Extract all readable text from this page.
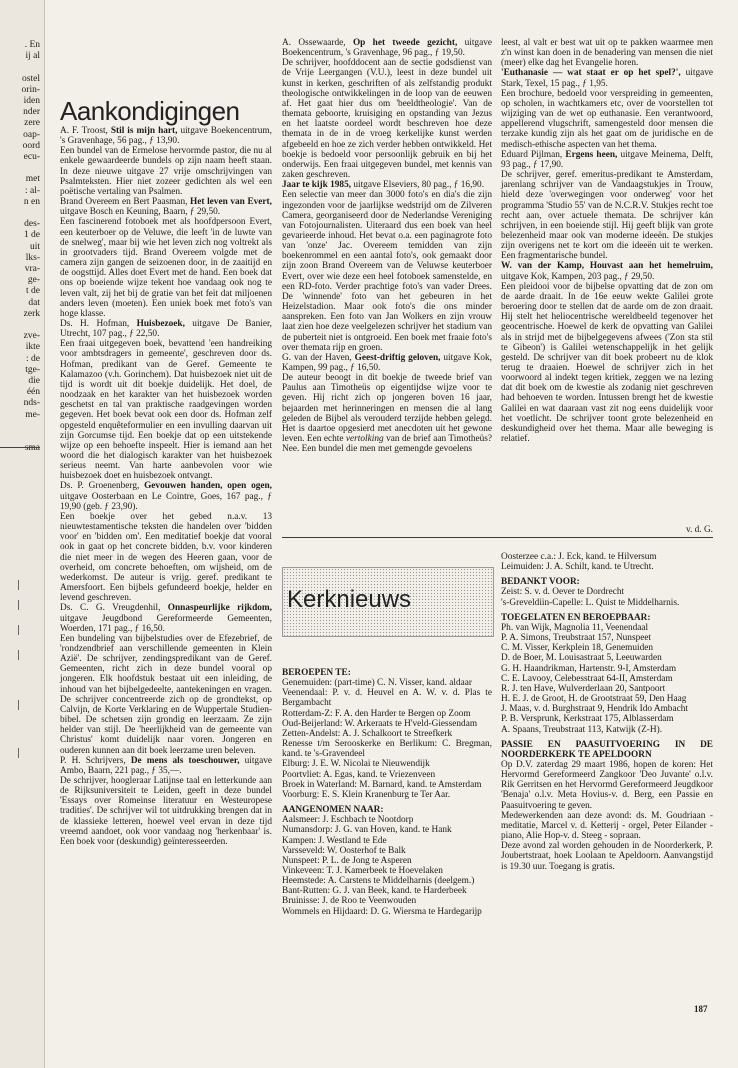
. En
ij al
ostel
orin-
iden
nder
zere
oap-
oord
ecu-
met
: al-
n en
des-
1 de
uit
lks-
vra-
ge-
t de
dat
zerk
zve-
ikte
: de
tge-
die
één
nds-
me-
sma
Aankondigingen

A. F. Troost, Stil is mijn hart, uitgave Boekencentrum, 's Gravenhage, 56 pag., ƒ 13,90.

Een bundel van de Ermelose hervormde pastor, die nu al enkele gewaardeerde bundels op zijn naam heeft staan. In deze nieuwe uitgave 27 vrije omschrijvingen van Psalmteksten. Hier niet zozeer gedichten als wel een poëtische vertaling van Psalmen.

Brand Overeem en Bert Paasman, Het leven van Evert, uitgave Bosch en Keuning, Baarn, ƒ 29,50.

Een fascinerend fotoboek met als hoofdpersoon Evert, een keuterboer op de Veluwe, die leeft 'in de luwte van de snelweg', maar bij wie het leven zich nog voltrekt als in grootvaders tijd. Brand Overeem volgde met de camera zijn gangen de seizoenen door, in de zaaitijd en de oogsttijd. Alles doet Evert met de hand. Een boek dat ons op boeiende wijze tekent hoe vandaag ook nog te leven valt, zij het bij de gratie van het feit dat miljoenen anders leven (moeten). Een uniek boek met foto's van hoge klasse.

Ds. H. Hofman, Huisbezoek, uitgave De Banier, Utrecht, 107 pag., ƒ 22,50.

Een fraai uitgegeven boek, bevattend 'een handreiking voor ambtsdragers in gemeente', geschreven door ds. Hofman, predikant van de Geref. Gemeente te Kalamazoo (v.h. Gorinchem). Dat huisbezoek niet uit de tijd is wordt uit dit boekje duidelijk. Het doel, de noodzaak en het karakter van het huisbezoek worden geschetst en tal van praktische raadgevingen worden gegeven. Het boek bevat ook een door ds. Hofman zelf opgesteld enquêteformulier en een invulling daarvan uit zijn Gorcumse tijd. Een boekje dat op een uitstekende wijze op een behoefte inspeelt. Hier is iemand aan het woord die het dialogisch karakter van het huisbezoek serieus neemt. Van harte aanbevolen voor wie huisbezoek doet en huisbezoek ontvangt.

Ds. P. Groenenberg, Gevouwen handen, open ogen, uitgave Oosterbaan en Le Cointre, Goes, 167 pag., ƒ 19,90 (geb. ƒ 23,90).

Een boekje over het gebed n.a.v. 13 nieuwtestamentische teksten die handelen over 'bidden voor' en 'bidden om'. Een meditatief boekje dat vooral ook in gaat op het concrete bidden, b.v. voor kinderen die niet meer in de wegen des Heeren gaan, voor de overheid, om concrete behoeften, om wijsheid, om de wederkomst. De auteur is vrijg. geref. predikant te Amersfoort. Een bijbels gefundeerd boekje, helder en levend geschreven.

Ds. C. G. Vreugdenhil, Onnaspeurlijke rijkdom, uitgave Jeugdbond Gereformeerde Gemeenten, Woerden, 171 pag., ƒ 16,50.

Een bundeling van bijbelstudies over de Efezebrief, de 'rondzendbrief aan verschillende gemeenten in Klein Azië'. De schrijver, zendingspredikant van de Geref. Gemeenten, richt zich in deze bundel vooral op jongeren. Elk hoofdstuk bestaat uit een inleiding, de inhoud van het bijbelgedeelte, aantekeningen en vragen. De schrijver concentreerde zich op de grondtekst, op Calvijn, de Korte Verklaring en de Wuppertale Studien-bibel. De schetsen zijn grondig en leerzaam. Ze zijn helder van stijl. De 'heerlijkheid van de gemeente van Christus' komt duidelijk naar voren. Jongeren en ouderen kunnen aan dit boek leerzame uren beleven.

P. H. Schrijvers, De mens als toeschouwer, uitgave Ambo, Baarn, 221 pag., ƒ 35,—.

De schrijver, hoogleraar Latijnse taal en letterkunde aan de Rijksuniversiteit te Leiden, geeft in deze bundel 'Essays over Romeinse literatuur en Westeuropese tradities'. De schrijver wil tot uitdrukking brengen dat in de klassieke letteren, hoewel veel ervan in deze tijd vreemd aandoet, ook voor vandaag nog 'herkenbaar' is. Een boek voor (deskundig) geïnteresseerden.

A. Ossewaarde, Op het tweede gezicht, uitgave Boekencentrum, 's Gravenhage, 96 pag., ƒ 19,50.

De schrijver, hoofddocent aan de sectie godsdienst van de Vrije Leergangen (V.U.), leest in deze bundel uit kunst in kerken, geschriften of als zelfstandig produkt theologische ontwikkelingen in de loop van de eeuwen af. Het gaat hier dus om 'beeldtheologie'. Van de themata geboorte, kruisiging en opstanding van Jezus en het laatste oordeel wordt beschreven hoe deze themata in de in de vroeg kerkelijke kunst werden afgebeeld en hoe ze zich verder hebben ontwikkeld. Het boekje is bedoeld voor persoonlijk gebruik en bij het onderwijs. Een fraai uitgegeven bundel, met kennis van zaken geschreven.

Jaar te kijk 1985, uitgave Elseviers, 80 pag., ƒ 16,90.

Een selectie van meer dan 3000 foto's en dia's die zijn ingezonden voor de jaarlijkse wedstrijd om de Zilveren Camera, georganiseerd door de Nederlandse Vereniging van Fotojournalisten. Uiteraard dus een boek van heel gevarieerde inhoud. Het bevat o.a. een paginagrote foto van 'onze' Jac. Overeem temidden van zijn boekenrommel en een aantal foto's, ook gemaakt door zijn zoon Brand Overeem van de Veluwse keuterboer Evert, over wie deze een heel fotoboek samenstelde, en een RD-foto. Verder prachtige foto's van vader Drees. De 'winnende' foto van het gebeuren in het Heizelstadion. Maar ook foto's die ons minder aanspreken. Een foto van Jan Wolkers en zijn vrouw laat zien hoe deze veelgelezen schrijver het stadium van de puberteit niet is ontgroeid. Een boek met fraaie foto's over themata rijp en groen.

G. van der Haven, Geest-driftig geloven, uitgave Kok, Kampen, 99 pag., ƒ 16,50.

De auteur beoogt in dit boekje de tweede brief van Paulus aan Timotheüs op eigentijdse wijze voor te geven. Hij richt zich op jongeren boven 16 jaar, bejaarden met herinneringen en mensen die al lang geleden de Bijbel als verouderd terzijde hebben gelegd. Het is daartoe opgesierd met anecdoten uit het gewone leven. Een echte vertolking van de brief aan Timotheüs? Nee. Een bundel die men met gemengde gevoelens

leest, al valt er best wat uit op te pakken waarmee men z'n winst kan doen in de benadering van mensen die niet (meer) elke dag het Evangelie horen.

'Euthanasie — wat staat er op het spel?', uitgave Stark, Texel, 15 pag., ƒ 1,95.

Een brochure, bedoeld voor verspreiding in gemeenten, op scholen, in wachtkamers etc, over de voorstellen tot wijziging van de wet op euthanasie. Een verantwoord, appellerend vlugschrift, samengesteld door mensen die terzake kundig zijn als het gaat om de juridische en de medisch-ethische aspecten van het thema.

Eduard Pijlman, Ergens heen, uitgave Meinema, Delft, 93 pag., ƒ 17,90.

De schrijver, geref. emeritus-predikant te Amsterdam, jarenlang schrijver van de Vandaagstukjes in Trouw, hield deze 'overwegingen voor onderweg' voor het programma 'Studio 55' van de N.C.R.V. Stukjes recht toe recht aan, over actuele themata. De schrijver kán schrijven, in een boeiende stijl. Hij geeft blijk van grote belezenheid maar ook van moderne ideeën. De stukjes zijn overigens net te kort om die ideeën uit te werken. Een fragmentarische bundel.

W. van der Kamp, Houvast aan het hemelruim, uitgave Kok, Kampen, 203 pag., ƒ 29,50.

Een pleidooi voor de bijbelse opvatting dat de zon om de aarde draait. In de 16e eeuw wekte Galilei grote beroering door te stellen dat de aarde om de zon draait. Hij stelt het heliocentrische wereldbeeld tegenover het geocentrische. Hoewel de kerk de opvatting van Galilei als in strijd met de bijbelgegevens afwees ('Zon sta stil te Gibeon') is Galilei wetenschappelijk in het gelijk gesteld. De schrijver van dit boek probeert nu de klok terug te draaien. Hoewel de schrijver zich in het voorwoord al indekt tegen kritiek, zeggen we na lezing dat dit boek om de kwestie als zodanig niet geschreven had behoeven te worden. Intussen brengt het de kwestie Galilei en wat daaraan vast zit nog eens duidelijk voor het voetlicht. De schrijver toont grote belezenheid en deskundigheid over het thema. Maar alle beweging is relatief.

v. d. G.
Kerknieuws

BEROEPEN TE:

Genemuiden: (part-time) C. N. Visser, kand. aldaar

Veenendaal: P. v. d. Heuvel en A. W. v. d. Plas te Bergambacht

Rotterdam-Z: F. A. den Harder te Bergen op Zoom

Oud-Beijerland: W. Arkeraats te H'veld-Giessendam

Zetten-Andelst: A. J. Schalkoort te Streefkerk

Renesse t/m Serooskerke en Berlikum: C. Bregman, kand. te 's-Gravendeel

Elburg: J. E. W. Nicolai te Nieuwendijk

Poortvliet: A. Egas, kand. te Vriezenveen

Broek in Waterland: M. Barnard, kand. te Amsterdam

Voorburg: E. S. Klein Kranenburg te Ter Aar.

AANGENOMEN NAAR:

Aalsmeer: J. Eschbach te Nootdorp

Numansdorp: J. G. van Hoven, kand. te Hank

Kampen: J. Westland te Ede

Varsseveld: W. Oosterhof te Balk

Nunspeet: P. L. de Jong te Asperen

Vinkeveen: T. J. Kamerbeek te Hoevelaken

Heemstede: A. Carstens te Middelharnis (deelgem.)

Bant-Rutten: G. J. van Beek, kand. te Harderbeek

Bruinisse: J. de Roo te Veenwouden

Wommels en Hijdaard: D. G. Wiersma te Hardegarijp

Oosterzee c.a.: J. Eck, kand. te Hilversum

Leimuiden: J. A. Schilt, kand. te Utrecht.

BEDANKT VOOR:

Zeist: S. v. d. Oever te Dordrecht

's-Greveldiin-Capelle: L. Quist te Middelharnis.

TOEGELATEN EN BEROEPBAAR:

Ph. van Wijk, Magnolia 11, Veenendaal

P. A. Simons, Treubstraat 157, Nunspeet

C. M. Visser, Kerkplein 18, Genemuiden

D. de Boer, M. Louisastraat 5, Leeuwarden

G. H. Haandrikman, Hartenstr. 9-I, Amsterdam

C. E. Lavooy, Celebesstraat 64-II, Amsterdam

R. J. ten Have, Wulverderlaan 20, Santpoort

H. E. J. de Groot, H. de Grootstraat 59, Den Haag

J. Maas, v. d. Burghstraat 9, Hendrik Ido Ambacht

P. B. Versprunk, Kerkstraat 175, Alblasserdam

A. Spaans, Treubstraat 113, Katwijk (Z-H).

PASSIE EN PAASUITVOERING IN DE NOORDERKERK TE APELDOORN

Op D.V. zaterdag 29 maart 1986, hopen de koren: Het Hervormd Gereformeerd Zangkoor 'Deo Juvante' o.l.v. Rik Gerritsen en het Hervormd Gereformeerd Jeugdkoor 'Benaja' o.l.v. Meta Hovius-v. d. Berg, een Passie en Paasuitvoering te geven.

Medewerkenden aan deze avond: ds. M. Goudriaan - meditatie, Marcel v. d. Ketterij - orgel, Peter Eilander - piano, Alie Hop-v. d. Steeg - sopraan.

Deze avond zal worden gehouden in de Noorderkerk, P. Joubertstraat, hoek Loolaan te Apeldoorn. Aanvangstijd is 19.30 uur. Toegang is gratis.

187
